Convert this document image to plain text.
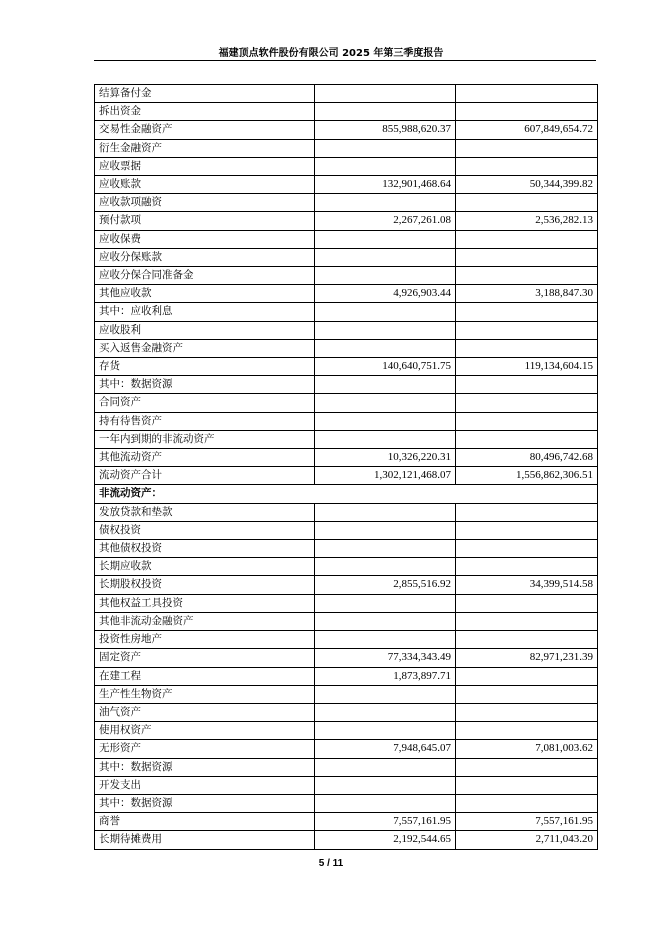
福建顶点软件股份有限公司 2025 年第三季度报告
结算备付金		
拆出资金		
交易性金融资产	855,988,620.37	607,849,654.72
衍生金融资产		
应收票据		
应收账款	132,901,468.64	50,344,399.82
应收款项融资		
预付款项	2,267,261.08	2,536,282.13
应收保费		
应收分保账款		
应收分保合同准备金		
其他应收款	4,926,903.44	3,188,847.30
其中：应收利息		
应收股利		
买入返售金融资产		
存货	140,640,751.75	119,134,604.15
其中：数据资源		
合同资产		
持有待售资产		
一年内到期的非流动资产		
其他流动资产	10,326,220.31	80,496,742.68
流动资产合计	1,302,121,468.07	1,556,862,306.51
非流动资产：		
发放贷款和垫款		
债权投资		
其他债权投资		
长期应收款		
长期股权投资	2,855,516.92	34,399,514.58
其他权益工具投资		
其他非流动金融资产		
投资性房地产		
固定资产	77,334,343.49	82,971,231.39
在建工程	1,873,897.71	
生产性生物资产		
油气资产		
使用权资产		
无形资产	7,948,645.07	7,081,003.62
其中：数据资源		
开发支出		
其中：数据资源		
商誉	7,557,161.95	7,557,161.95
长期待摊费用	2,192,544.65	2,711,043.20
5 / 11
